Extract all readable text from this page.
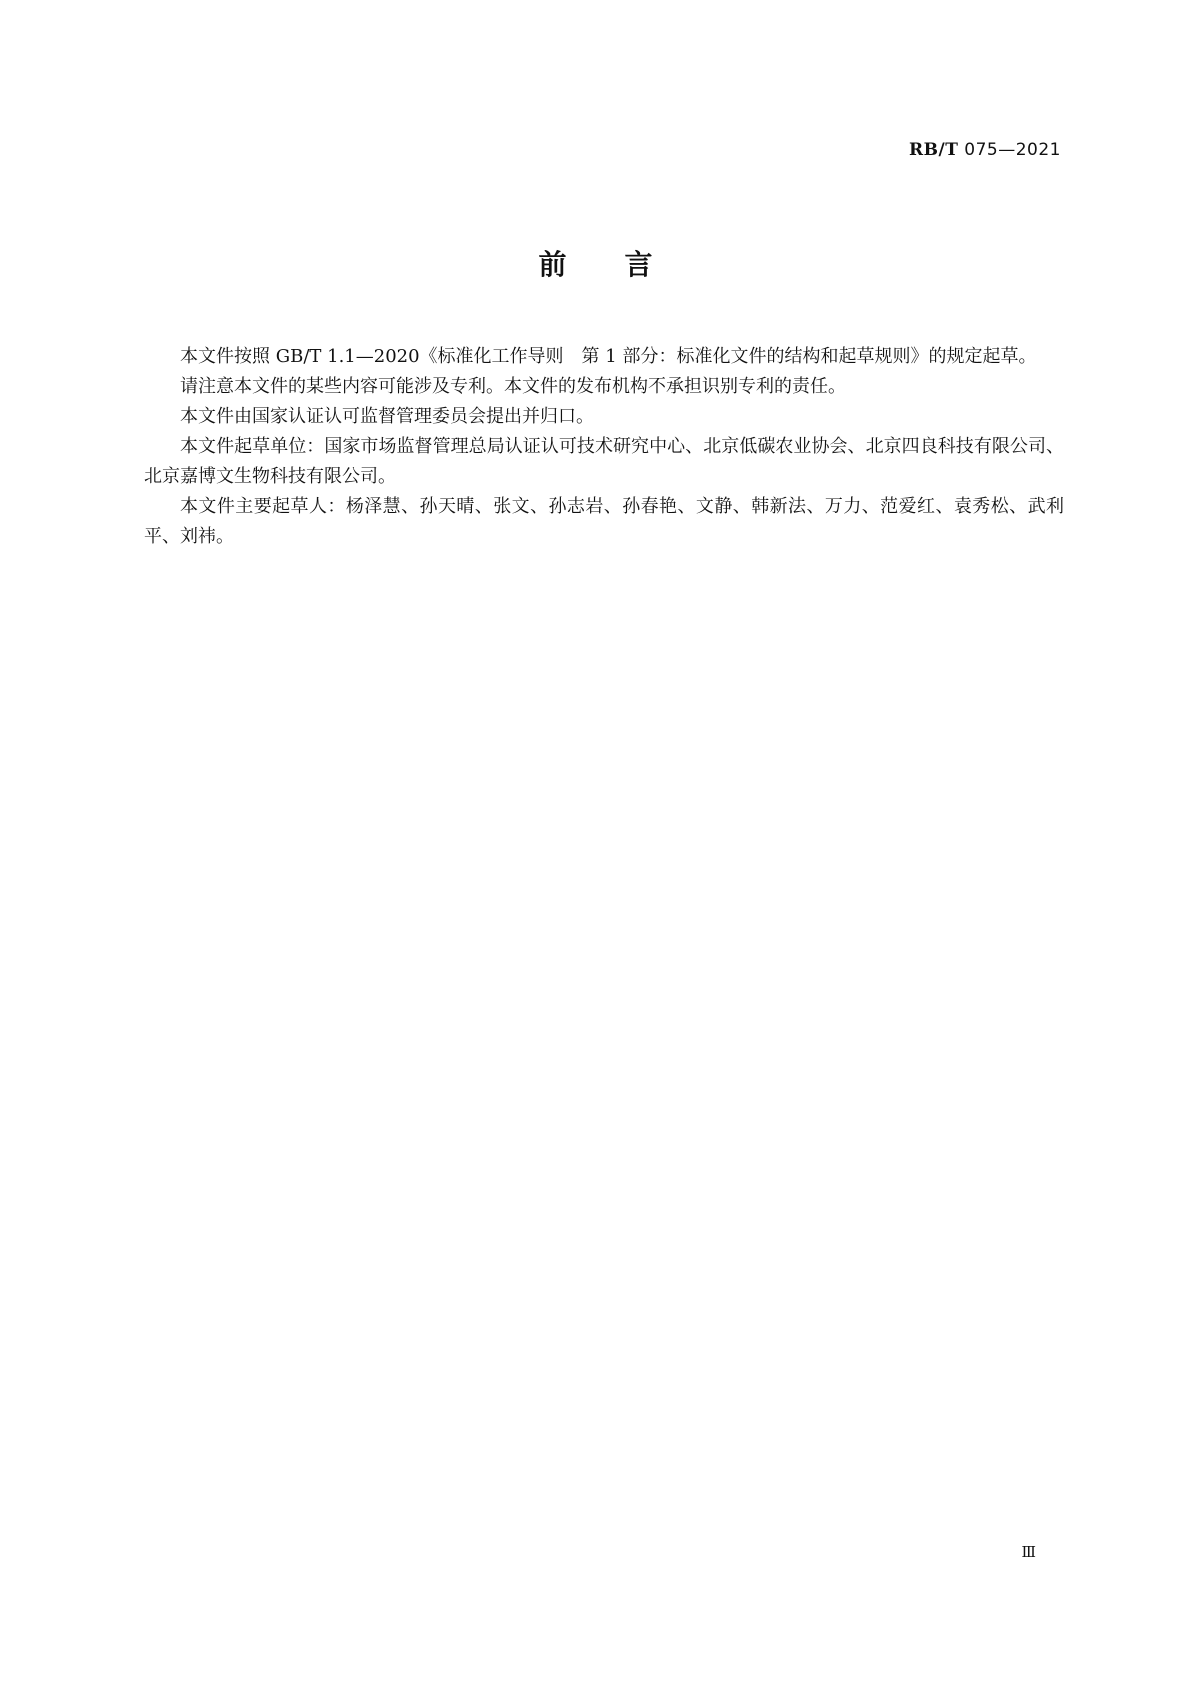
RB/T 075—2021
前言

本文件按照 GB/T 1.1—2020《标准化工作导则　第 1 部分：标准化文件的结构和起草规则》的规定起草。

请注意本文件的某些内容可能涉及专利。本文件的发布机构不承担识别专利的责任。

本文件由国家认证认可监督管理委员会提出并归口。

本文件起草单位：国家市场监督管理总局认证认可技术研究中心、北京低碳农业协会、北京四良科技有限公司、北京嘉博文生物科技有限公司。

本文件主要起草人：杨泽慧、孙天晴、张文、孙志岩、孙春艳、文静、韩新法、万力、范爱红、袁秀松、武利平、刘祎。

Ⅲ
